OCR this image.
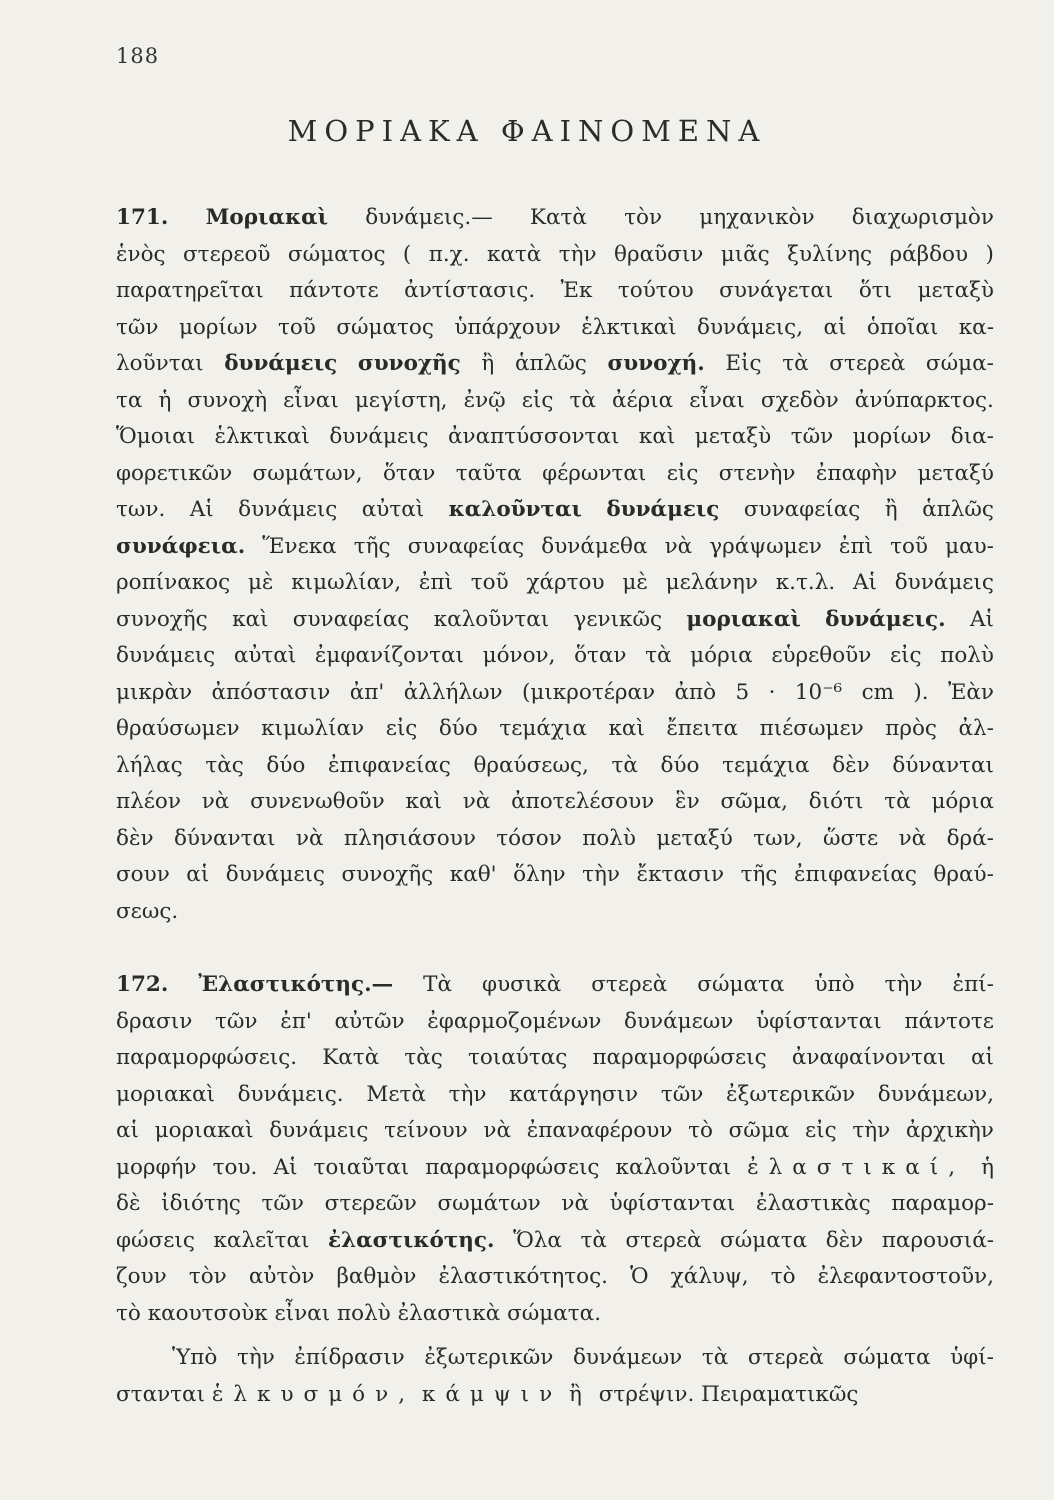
188
ΜΟΡΙΑΚΑ ΦΑΙΝΟΜΕΝΑ
171. Μοριακαὶ δυνάμεις.— Κατὰ τὸν μηχανικὸν διαχωρισμὸν
ἑνὸς στερεοῦ σώματος ( π.χ. κατὰ τὴν θραῦσιν μιᾶς ξυλίνης ράβδου )
παρατηρεῖται πάντοτε ἀντίστασις. Ἐκ τούτου συνάγεται ὅτι μεταξὺ
τῶν μορίων τοῦ σώματος ὑπάρχουν ἑλκτικαὶ δυνάμεις, αἱ ὁποῖαι κα-
λοῦνται δυνάμεις συνοχῆς ἢ ἁπλῶς συνοχή. Εἰς τὰ στερεὰ σώμα-
τα ἡ συνοχὴ εἶναι μεγίστη, ἐνῷ εἰς τὰ ἀέρια εἶναι σχεδὸν ἀνύπαρκτος.
Ὅμοιαι ἑλκτικαὶ δυνάμεις ἀναπτύσσονται καὶ μεταξὺ τῶν μορίων δια-
φορετικῶν σωμάτων, ὅταν ταῦτα φέρωνται εἰς στενὴν ἐπαφὴν μεταξύ
των. Αἱ δυνάμεις αὐταὶ καλοῦνται δυνάμεις συναφείας ἢ ἁπλῶς
συνάφεια. Ἕνεκα τῆς συναφείας δυνάμεθα νὰ γράψωμεν ἐπὶ τοῦ μαυ-
ροπίνακος μὲ κιμωλίαν, ἐπὶ τοῦ χάρτου μὲ μελάνην κ.τ.λ. Αἱ δυνάμεις
συνοχῆς καὶ συναφείας καλοῦνται γενικῶς μοριακαὶ δυνάμεις. Αἱ
δυνάμεις αὐταὶ ἐμφανίζονται μόνον, ὅταν τὰ μόρια εὑρεθοῦν εἰς πολὺ
μικρὰν ἀπόστασιν ἀπ' ἀλλήλων (μικροτέραν ἀπὸ 5 · 10⁻⁶ cm ). Ἐὰν
θραύσωμεν κιμωλίαν εἰς δύο τεμάχια καὶ ἔπειτα πιέσωμεν πρὸς ἀλ-
λήλας τὰς δύο ἐπιφανείας θραύσεως, τὰ δύο τεμάχια δὲν δύνανται
πλέον νὰ συνενωθοῦν καὶ νὰ ἀποτελέσουν ἓν σῶμα, διότι τὰ μόρια
δὲν δύνανται νὰ πλησιάσουν τόσον πολὺ μεταξύ των, ὥστε νὰ δρά-
σουν αἱ δυνάμεις συνοχῆς καθ' ὅλην τὴν ἔκτασιν τῆς ἐπιφανείας θραύ-
σεως.
172. Ἐλαστικότης.— Τὰ φυσικὰ στερεὰ σώματα ὑπὸ τὴν ἐπί-
δρασιν τῶν ἐπ' αὐτῶν ἐφαρμοζομένων δυνάμεων ὑφίστανται πάντοτε
παραμορφώσεις. Κατὰ τὰς τοιαύτας παραμορφώσεις ἀναφαίνονται αἱ
μοριακαὶ δυνάμεις. Μετὰ τὴν κατάργησιν τῶν ἐξωτερικῶν δυνάμεων,
αἱ μοριακαὶ δυνάμεις τείνουν νὰ ἐπαναφέρουν τὸ σῶμα εἰς τὴν ἀρχικὴν
μορφήν του. Αἱ τοιαῦται παραμορφώσεις καλοῦνται ἐλαστικαί, ἡ
δὲ ἰδιότης τῶν στερεῶν σωμάτων νὰ ὑφίστανται ἐλαστικὰς παραμορ-
φώσεις καλεῖται ἐλαστικότης. Ὅλα τὰ στερεὰ σώματα δὲν παρουσιά-
ζουν τὸν αὐτὸν βαθμὸν ἐλαστικότητος. Ὁ χάλυψ, τὸ ἐλεφαντοστοῦν,
τὸ
καουτσοὺκ
εἶναι
πολὺ
ἐλαστικὰ
σώματα.
Ὑπὸ τὴν ἐπίδρασιν ἐξωτερικῶν δυνάμεων τὰ στερεὰ σώματα ὑφί-
στανται
ἑλκυσμόν,
κάμψιν
ἢ
στρέψιν.
Πειραματικῶς
